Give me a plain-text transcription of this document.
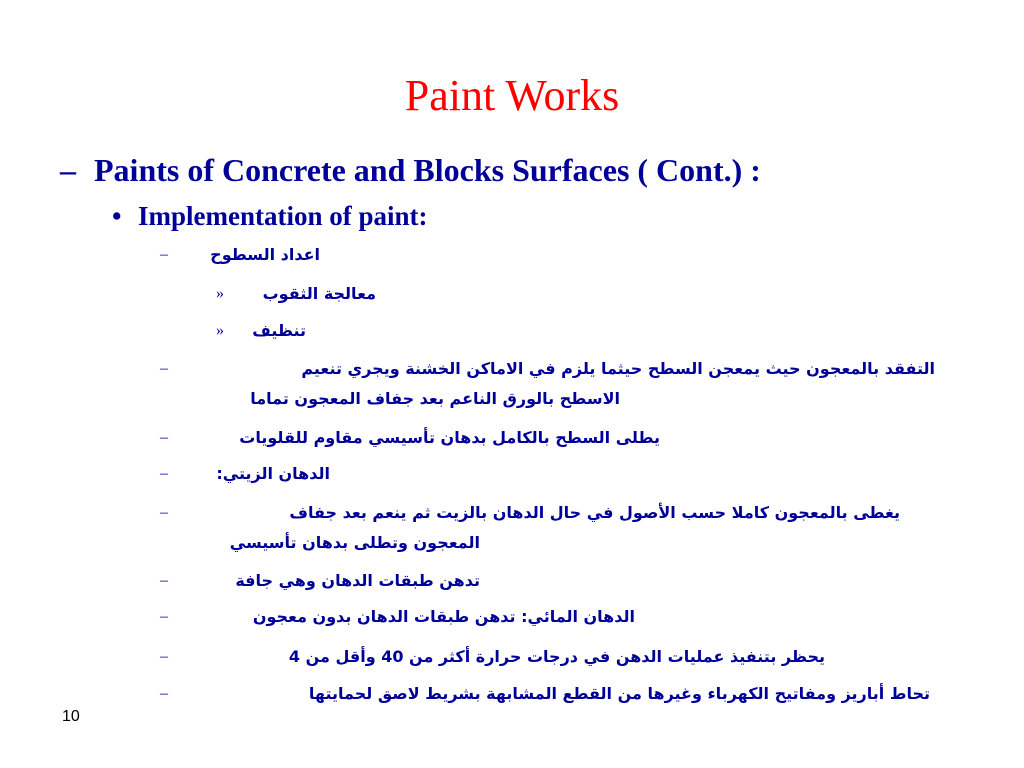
Paint Works
– Paints of Concrete and Blocks Surfaces ( Cont.) :
• Implementation of paint:
–	اعداد السطوح
»	معالجة الثقوب
»	تنظيف
–	التفقد بالمعجون حيث يمعجن السطح حيثما يلزم في الاماكن الخشنة ويجري تنعيم
الاسطح بالورق الناعم بعد جفاف المعجون تماما
–	يطلى السطح بالكامل بدهان تأسيسي مقاوم للقلويات
–	الدهان الزيتي:
–	يغطى بالمعجون كاملا حسب الأصول في حال الدهان بالزيت ثم ينعم بعد جفاف
المعجون وتطلى بدهان تأسيسي
–	تدهن طبقات الدهان وهي جافة
–	الدهان المائي: تدهن طبقات الدهان بدون معجون
–	يحظر بتنفيذ عمليات الدهن في درجات حرارة أكثر من 40 وأقل من 4
–	تحاط أباريز ومفاتيح الكهرباء وغيرها من القطع المشابهة بشريط لاصق لحمايتها
10
